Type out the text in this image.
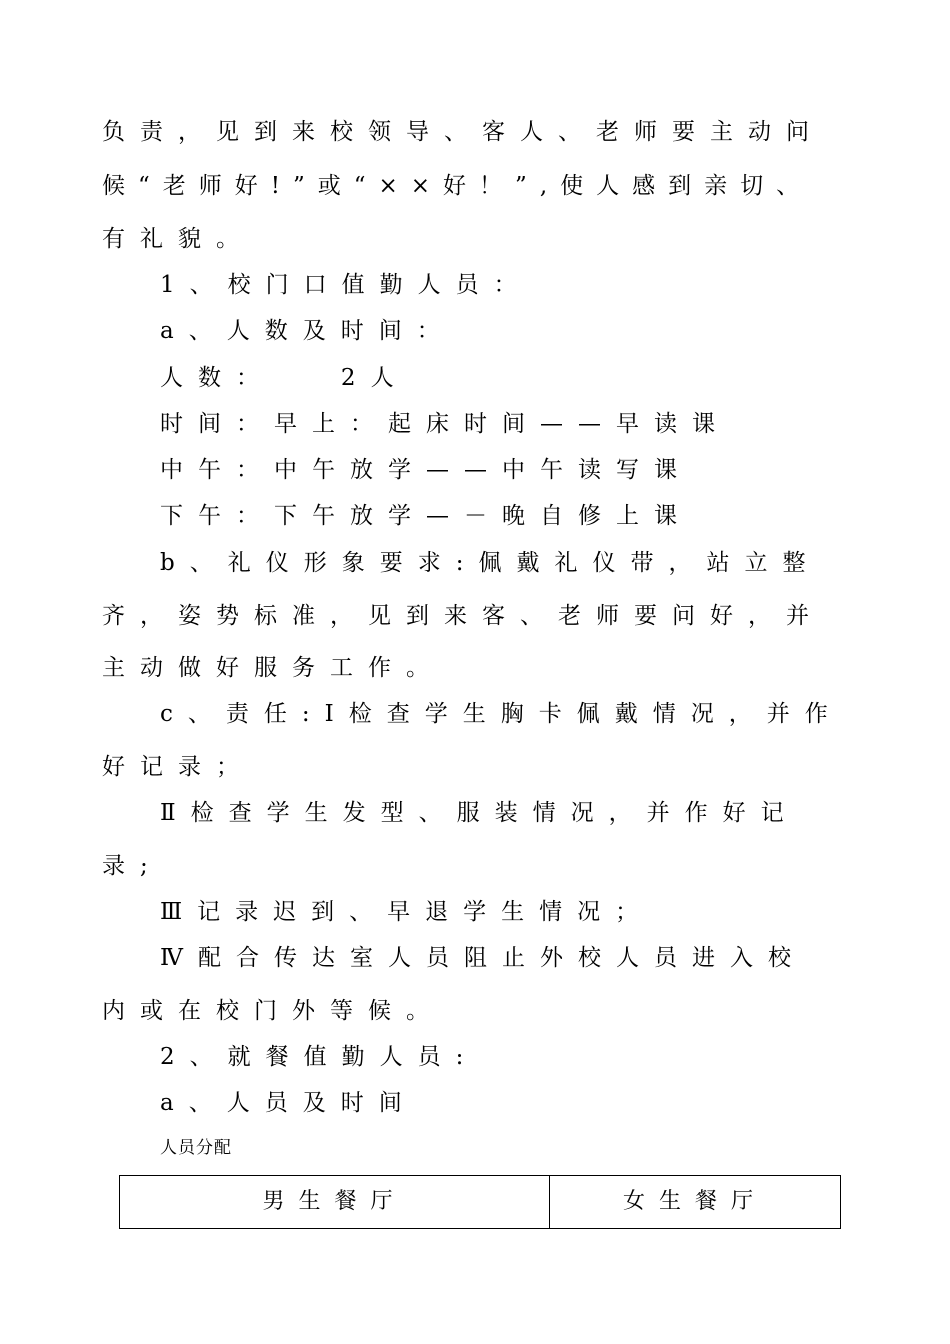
负责，见到来校领导、客人、老师要主动问
候“老师好!”或“××好！”,使人感到亲切、
有礼貌。
1、校门口值勤人员：
a、人数及时间：
人数：   2人
时间：早上：起床时间——早读课
中午：中午放学——中午读写课
下午：下午放学—－晚自修上课
b、礼仪形象要求:佩戴礼仪带，站立整
齐，姿势标准，见到来客、老师要问好，并
主动做好服务工作。
c、责任:Ⅰ检查学生胸卡佩戴情况，并作
好记录；
Ⅱ检查学生发型、服装情况，并作好记
录;
Ⅲ记录迟到、早退学生情况；
Ⅳ配合传达室人员阻止外校人员进入校
内或在校门外等候。
2、就餐值勤人员:
a、人员及时间
人员分配
男生餐厅	女生餐厅
